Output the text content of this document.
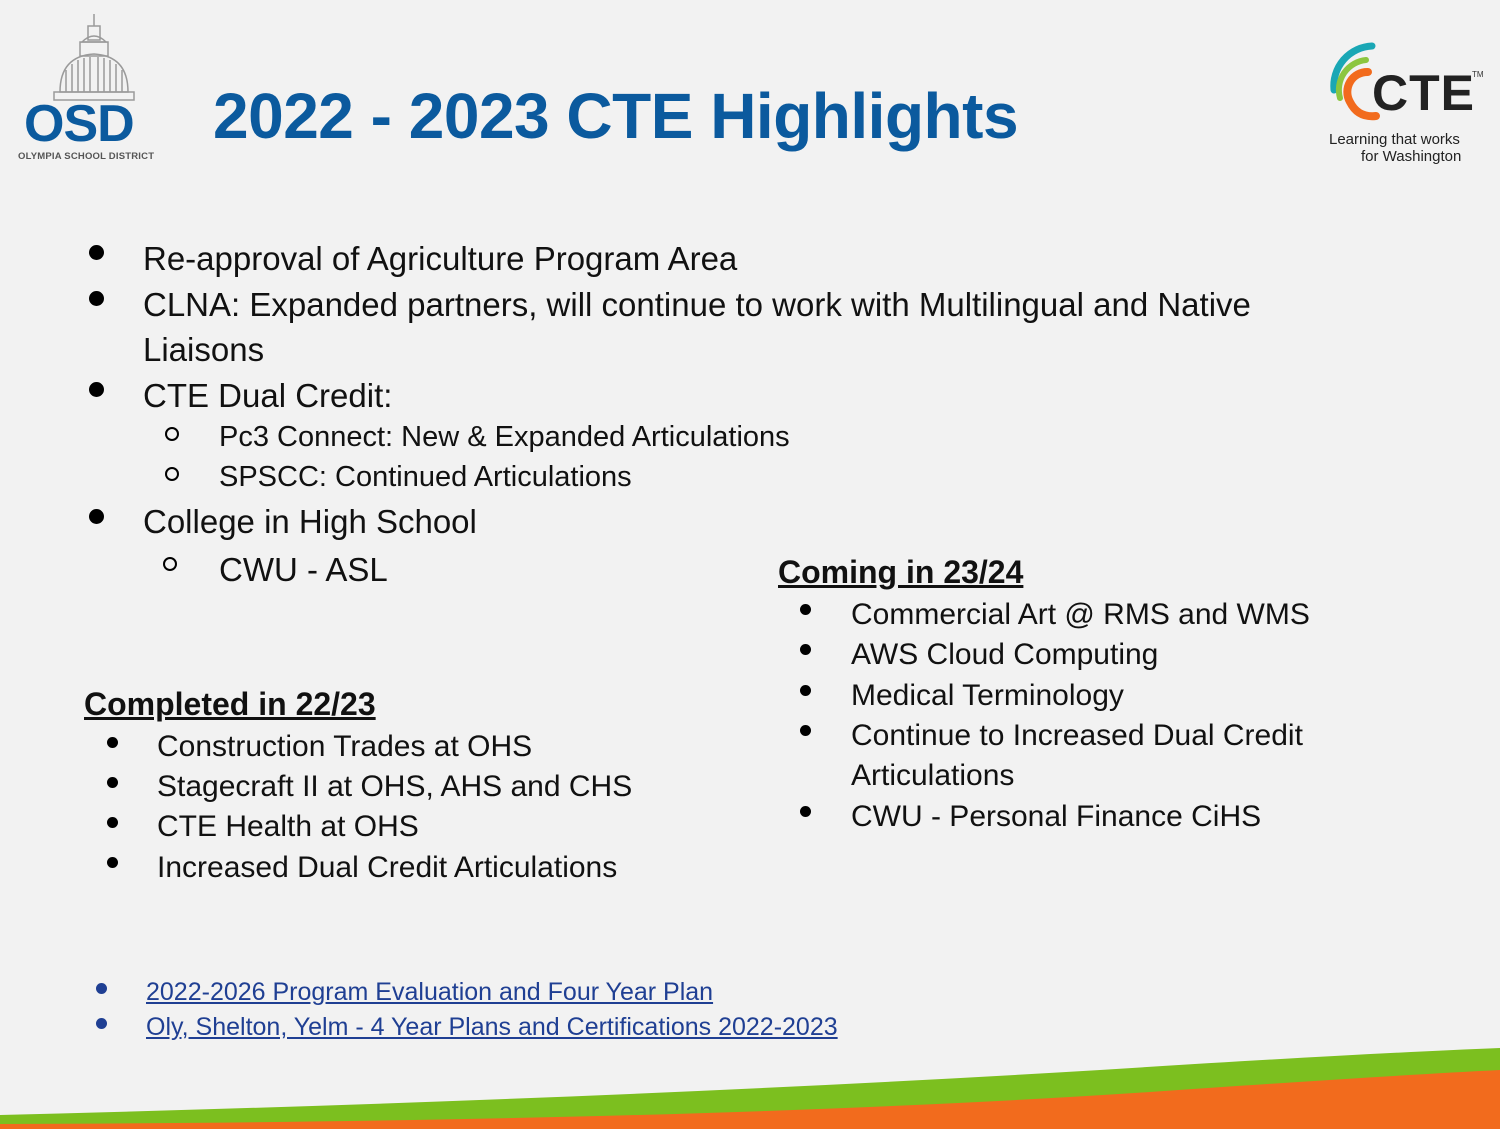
OSD
OLYMPIA SCHOOL DISTRICT
2022 - 2023 CTE Highlights	CTE
TM
Learning that works
for Washington
Re-approval of Agriculture Program Area
CLNA: Expanded partners, will continue to work with Multilingual and Native
Liaisons
CTE Dual Credit:
Pc3 Connect: New & Expanded Articulations
SPSCC: Continued Articulations
College in High School
CWU - ASL
Completed in 22/23
Construction Trades at OHS
Stagecraft II at OHS, AHS and CHS
CTE Health at OHS
Increased Dual Credit Articulations
Coming in 23/24
Commercial Art @ RMS and WMS
AWS Cloud Computing
Medical Terminology
Continue to Increased Dual Credit
Articulations
CWU - Personal Finance CiHS
2022-2026 Program Evaluation and Four Year Plan
Oly, Shelton, Yelm - 4 Year Plans and Certifications 2022-2023
